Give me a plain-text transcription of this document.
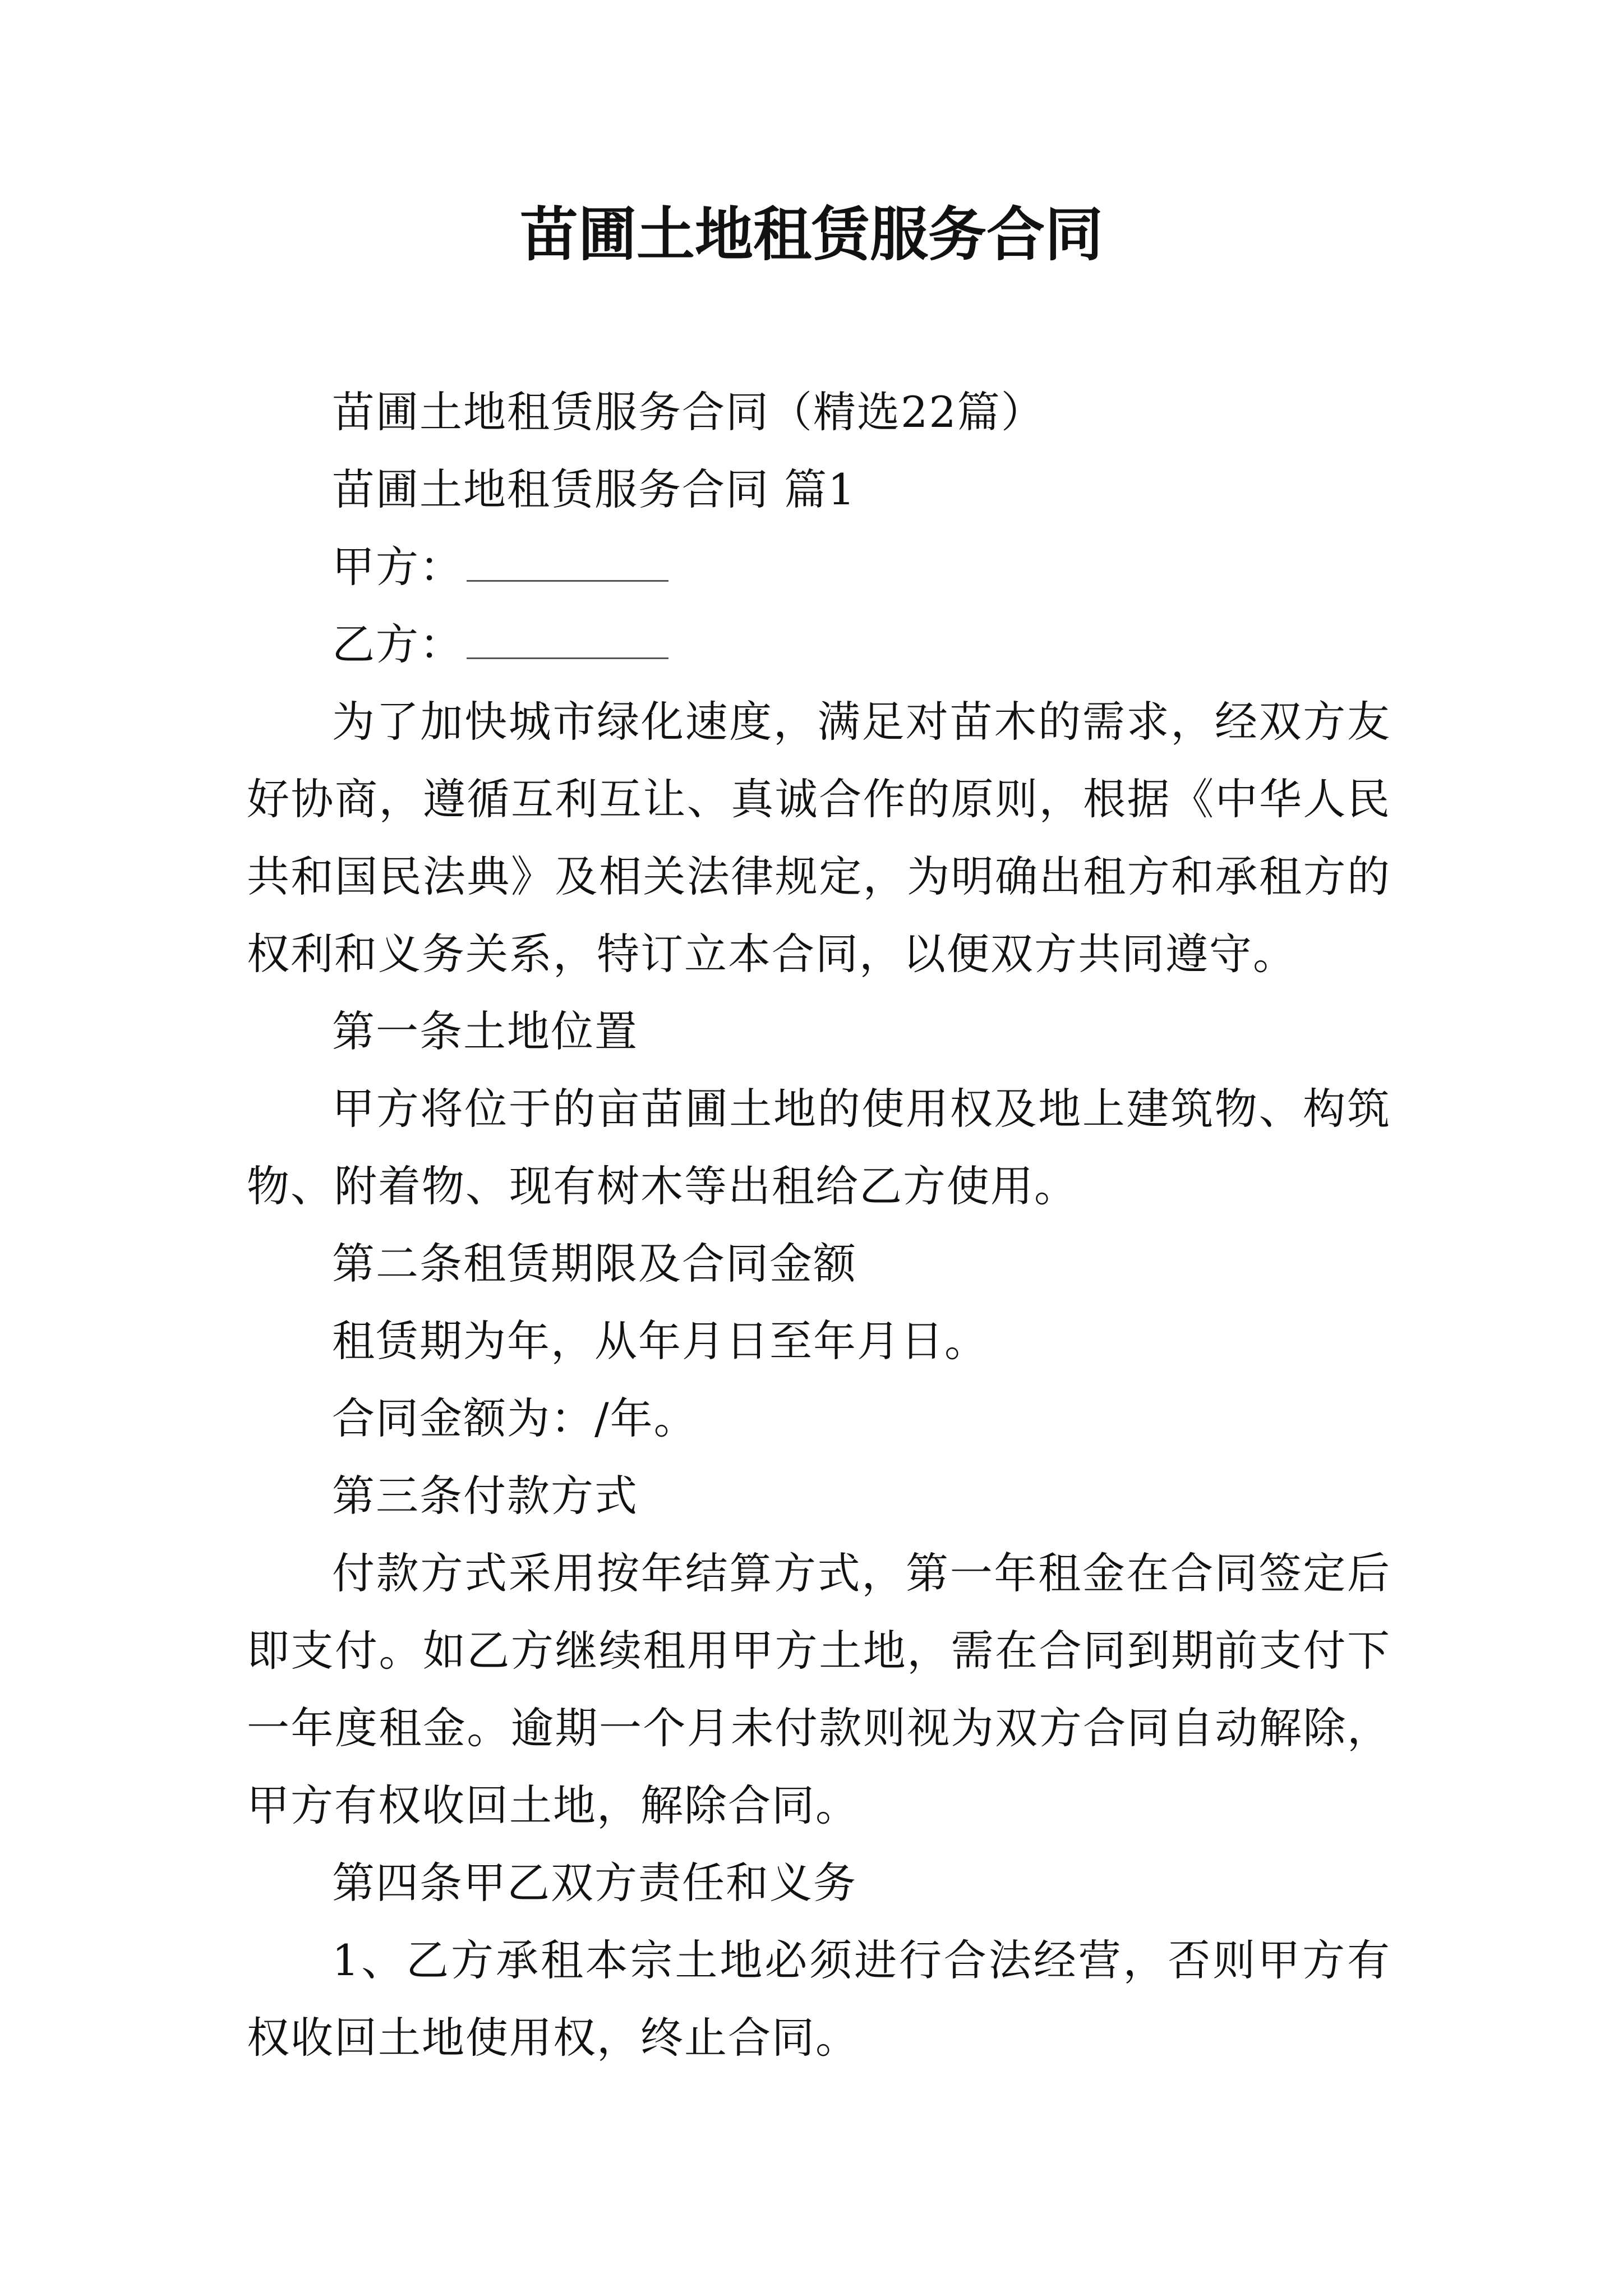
苗圃土地租赁服务合同

苗圃土地租赁服务合同（精选22篇）

苗圃土地租赁服务合同 篇1

甲方：

乙方：

为了加快城市绿化速度，满足对苗木的需求，经双方友好协商，遵循互利互让、真诚合作的原则，根据《中华人民共和国民法典》及相关法律规定，为明确出租方和承租方的权利和义务关系，特订立本合同，以便双方共同遵守。

第一条土地位置

甲方将位于的亩苗圃土地的使用权及地上建筑物、构筑物、附着物、现有树木等出租给乙方使用。

第二条租赁期限及合同金额

租赁期为年，从年月日至年月日。

合同金额为：/年。

第三条付款方式

付款方式采用按年结算方式，第一年租金在合同签定后即支付。如乙方继续租用甲方土地，需在合同到期前支付下一年度租金。逾期一个月未付款则视为双方合同自动解除，甲方有权收回土地，解除合同。

第四条甲乙双方责任和义务

1、乙方承租本宗土地必须进行合法经营，否则甲方有权收回土地使用权，终止合同。
